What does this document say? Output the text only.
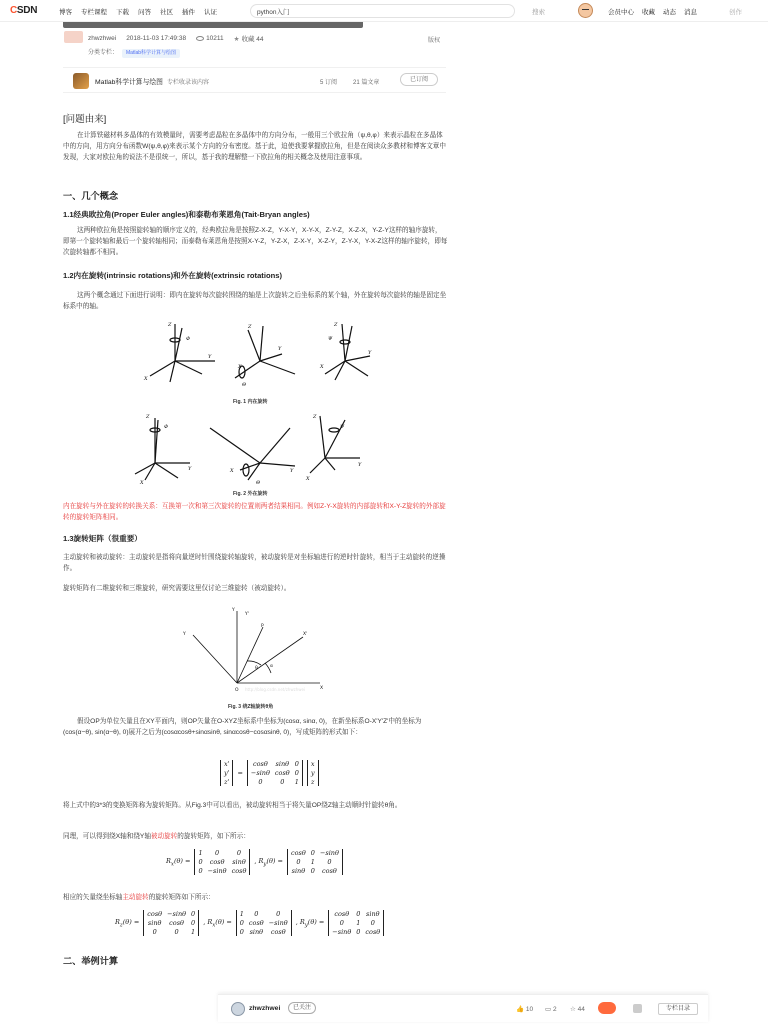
CSDN	博客 专栏课程 下载 问答 社区 插件 认证
python入门	搜索	会员中心 收藏 动态 消息	创作
zhwzhwei 2018-11-03 17:49:38	10211 ★ 收藏 44	版权
分类专栏： Matlab科学计算与绘图
Matlab科学计算与绘图 专栏收录该内容	5 订阅	21 篇文章	已订阅
[问题由来]
在计算铁磁材料多晶体的有效模量时，需要考虑晶粒在多晶体中的方向分布，一般用三个欧拉角（ψ,θ,φ）来表示晶粒在多晶体中的方向，用方向分布函数W(ψ,θ,φ)来表示某个方向的分布密度。基于此，迫使我要掌握欧拉角，但是在阅读众多教材和博客文章中发现，大家对欧拉角的说法不是很统一，所以，基于我的理解整一下欧拉角的相关概念及使用注意事项。
一、几个概念
1.1经典欧拉角(Proper Euler angles)和泰勒布莱恩角(Tait-Bryan angles)
这两种欧拉角是按照旋转轴的顺序定义的，经典欧拉角是按照Z-X-Z，Y-X-Y，X-Y-X，Z-Y-Z，X-Z-X，Y-Z-Y这样的轴序旋转，即第一个旋转轴和最后一个旋转轴相同；而泰勒布莱恩角是按照X-Y-Z，Y-Z-X，Z-X-Y，X-Z-Y，Z-Y-X，Y-X-Z这样的轴序旋转，即每次旋转轴都不相同。
1.2内在旋转(intrinsic rotations)和外在旋转(extrinsic rotations)
这两个概念通过下面进行说明：即内在旋转每次旋转围绕的轴是上次旋转之后坐标系的某个轴，外在旋转每次旋转的轴是固定坐标系中的轴。
Z
Φ
Y
X
Z
X
Y
Θ
Z
Ψ
Y
X
Fig. 1 内在旋转
Z
Φ
Y
X	Θ
Y
X
Z
Ψ
Y
X
Fig. 2 外在旋转
内在旋转与外在旋转的转换关系：互换第一次和第三次旋转的位置则两者结果相同。例如Z-Y-X旋转的内部旋转和X-Y-Z旋转的外部旋转的旋转矩阵相同。
1.3旋转矩阵（很重要）
主动旋转和被动旋转：主动旋转是指将向量逆时针围绕旋转轴旋转，被动旋转是对坐标轴进行的逆时针旋转，相当于主动旋转的逆操作。
旋转矩阵有二维旋转和三维旋转，研究需要这里仅讨论三维旋转（被动旋转）。
Y
Y'
Y	X'
P
θ	α
O	X
http://blog.csdn.net/zhwzhwei
Fig. 3 绕Z轴旋转θ角
假设OP为单位矢量且在XY平面内，则OP矢量在O-XYZ坐标系中坐标为(cosα, sinα, 0)，在新坐标系O-X'Y'Z'中的坐标为(cos(α−θ), sin(α−θ), 0)展开之后为(cosαcosθ+sinαsinθ, sinαcosθ−cosαsinθ, 0)，写成矩阵的形式如下：
x'
y'
z'
=
cosθ	sinθ 0
−sinθ cosθ 0
0	0	1
x
y
z
将上式中的3*3的变换矩阵称为旋转矩阵。从Fig.3中可以看出，被动旋转相当于将矢量OP绕Z轴主动顺时针旋转θ角。
同理，可以得到绕X轴和绕Y轴被动旋转的旋转矩阵，如下所示：
$R_x(\theta)$ =
1	0	0
0	cosθ	sinθ
0 −sinθ cosθ
, $R_y(\theta)$ =
cosθ 0 −sinθ
0	1	0
sinθ 0	cosθ
相应的矢量绕坐标轴主动旋转的旋转矩阵如下所示：
$R_z(\theta)$ =
cosθ −sinθ 0
sinθ	cosθ	0
0	0	1
, $R_x(\theta)$ =
1	0	0
0 cosθ −sinθ
0 sinθ	cosθ
, $R_y(\theta)$ =
cosθ	0 sinθ
0	1	0
−sinθ 0 cosθ
二、举例计算
zhwzhwei	已关注	👍 10 ▭ 2 ☆ 44	专栏目录
